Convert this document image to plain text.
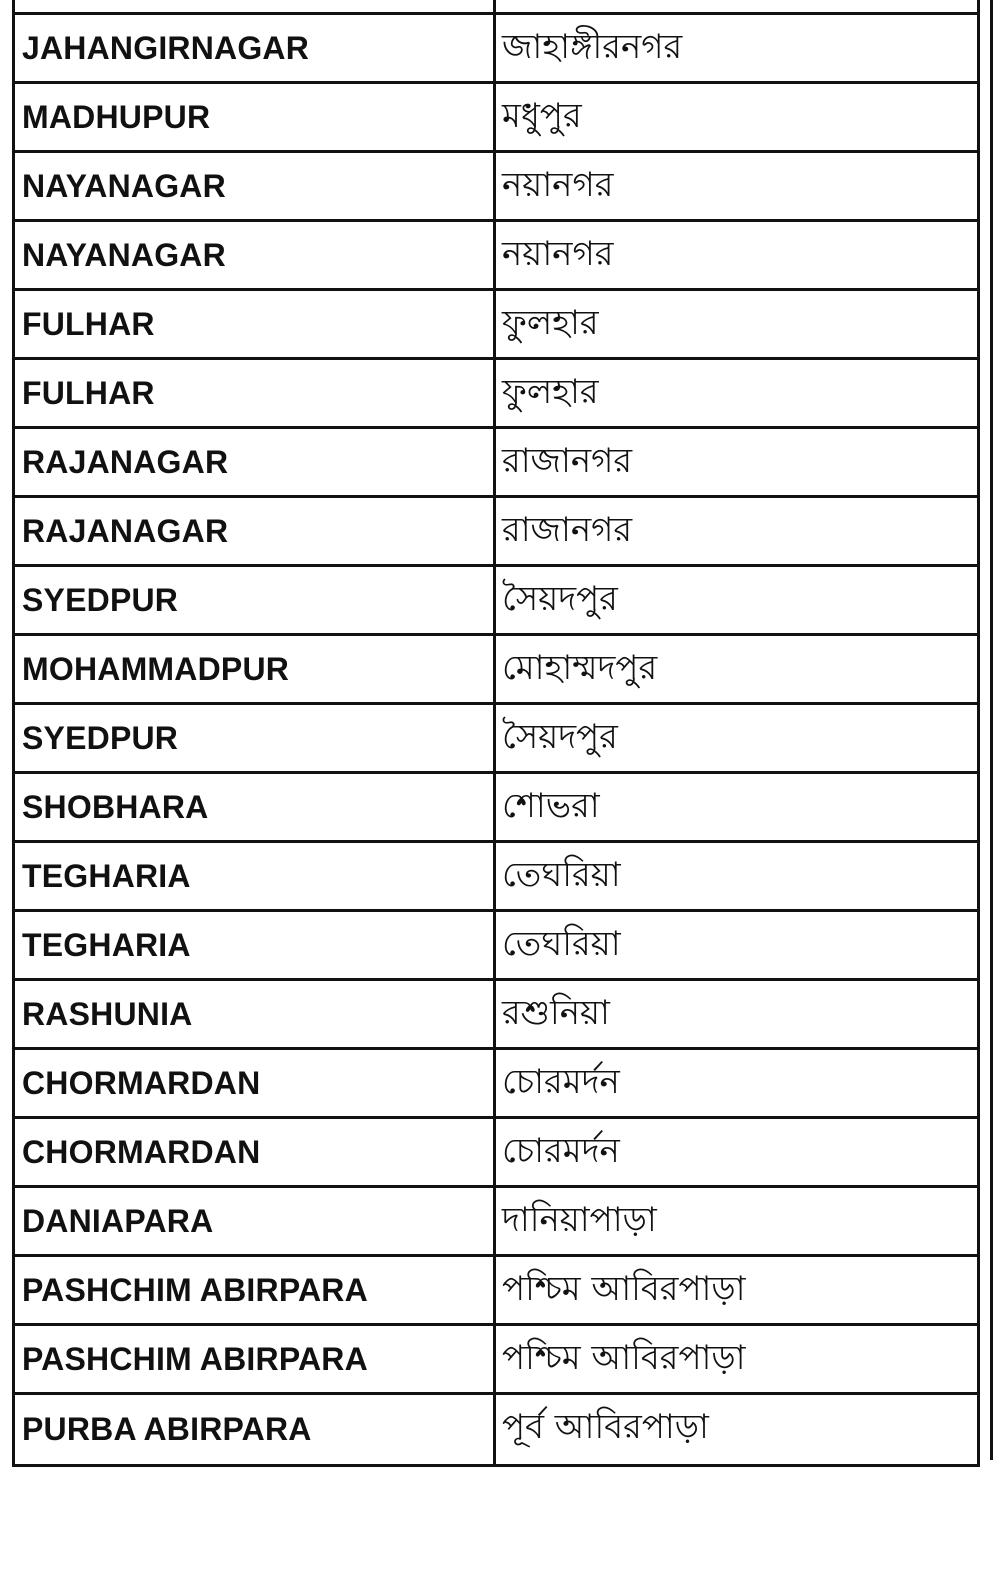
JAHANGIRNAGAR	জাহাঙ্গীরনগর
MADHUPUR	মধুপুর
NAYANAGAR	নয়ানগর
NAYANAGAR	নয়ানগর
FULHAR	ফুলহার
FULHAR	ফুলহার
RAJANAGAR	রাজানগর
RAJANAGAR	রাজানগর
SYEDPUR	সৈয়দপুর
MOHAMMADPUR	মোহাম্মদপুর
SYEDPUR	সৈয়দপুর
SHOBHARA	শোভরা
TEGHARIA	তেঘরিয়া
TEGHARIA	তেঘরিয়া
RASHUNIA	রশুনিয়া
CHORMARDAN	চোরমর্দন
CHORMARDAN	চোরমর্দন
DANIAPARA	দানিয়াপাড়া
PASHCHIM ABIRPARA	পশ্চিম আবিরপাড়া
PASHCHIM ABIRPARA	পশ্চিম আবিরপাড়া
PURBA ABIRPARA	পূর্ব আবিরপাড়া
